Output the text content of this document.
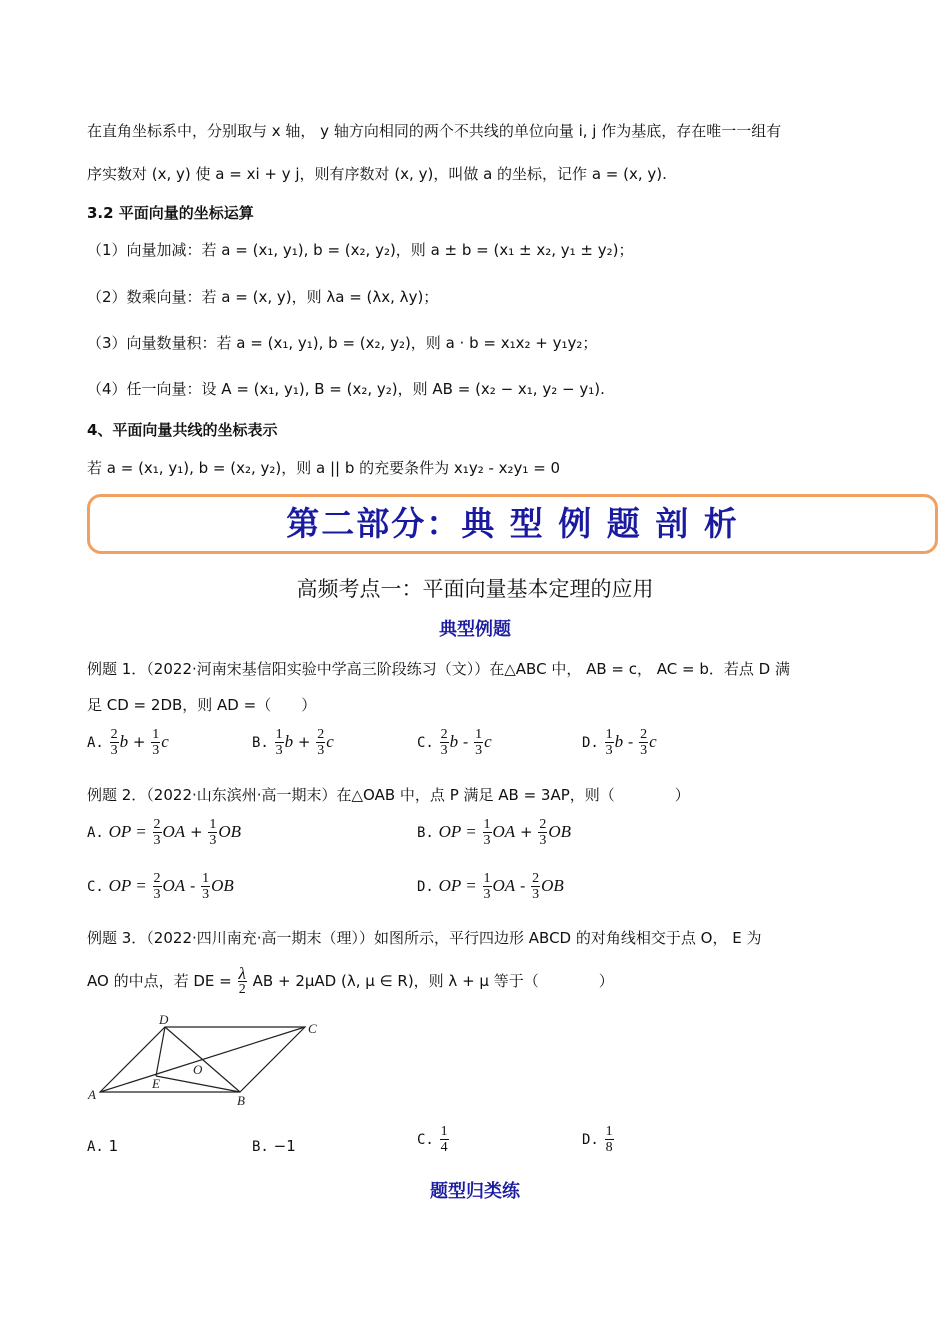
在直角坐标系中，分别取与 x 轴， y 轴方向相同的两个不共线的单位向量 i, j 作为基底，存在唯一一组有
序实数对 (x, y) 使 a = xi + y j，则有序数对 (x, y)，叫做 a 的坐标，记作 a = (x, y).
3.2 平面向量的坐标运算
（1）向量加减：若 a = (x₁, y₁), b = (x₂, y₂)，则 a ± b = (x₁ ± x₂, y₁ ± y₂)；
（2）数乘向量：若 a = (x, y)，则 λa = (λx, λy)；
（3）向量数量积：若 a = (x₁, y₁), b = (x₂, y₂)，则 a · b = x₁x₂ + y₁y₂；
（4）任一向量：设 A = (x₁, y₁), B = (x₂, y₂)，则 AB = (x₂ − x₁, y₂ − y₁).
4、平面向量共线的坐标表示
若 a = (x₁, y₁), b = (x₂, y₂)，则 a || b 的充要条件为 x₁y₂ - x₂y₁ = 0
第二部分：典 型 例 题 剖 析
高频考点一：平面向量基本定理的应用
典型例题
例题 1．（2022·河南宋基信阳实验中学高三阶段练习（文））在△ABC 中， AB = c， AC = b．若点 D 满
足 CD = 2DB，则 AD =（　　）
A. $\frac{2}{3}$ $b + \frac{1}{3}$ c	B. $\frac{1}{3}$ $b + \frac{2}{3}$ c	C. $\frac{2}{3}$ b - $\frac{1}{3}$ c	D. $\frac{1}{3}$ b - $\frac{2}{3}$ c
例题 2．（2022·山东滨州·高一期末）在△OAB 中，点 P 满足 AB = 3AP，则（　　　　）
A. OP = $\frac{2}{3}$ OA + $\frac{1}{3}$ OB	B. OP = $\frac{1}{3}$ OA + $\frac{2}{3}$ OB
C. OP = $\frac{2}{3}$ OA - $\frac{1}{3}$ OB	D. OP = $\frac{1}{3}$ OA - $\frac{2}{3}$ OB
例题 3．（2022·四川南充·高一期末（理））如图所示，平行四边形 ABCD 的对角线相交于点 O， E 为
AO 的中点，若 DE = $\frac{\lambda}{2}$ AB + 2μAD (λ, μ ∈ R)，则 λ + μ 等于（　　　　）
A	B
C
D
E
O
A. 1	B. −1	C. $\frac{1}{4}$	D. $\frac{1}{8}$
题型归类练
